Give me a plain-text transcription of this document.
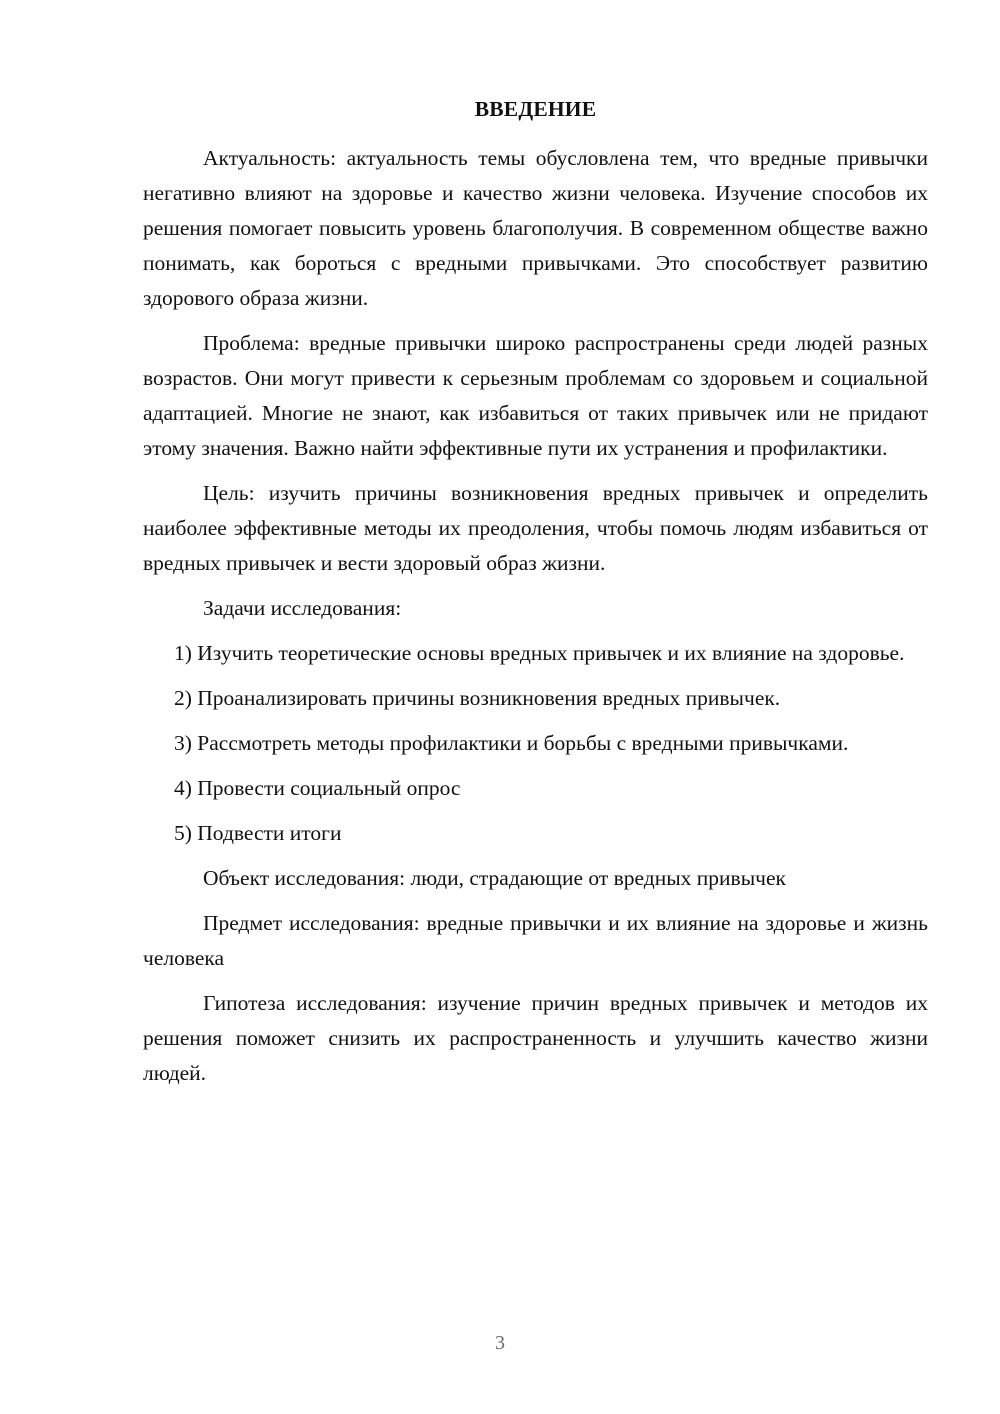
ВВЕДЕНИЕ
Актуальность: актуальность темы обусловлена тем, что вредные привычки негативно влияют на здоровье и качество жизни человека. Изучение способов их решения помогает повысить уровень благополучия. В современном обществе важно понимать, как бороться с вредными привычками. Это способствует развитию здорового образа жизни.
Проблема: вредные привычки широко распространены среди людей разных возрастов. Они могут привести к серьезным проблемам со здоровьем и социальной адаптацией. Многие не знают, как избавиться от таких привычек или не придают этому значения. Важно найти эффективные пути их устранения и профилактики.
Цель: изучить причины возникновения вредных привычек и определить наиболее эффективные методы их преодоления, чтобы помочь людям избавиться от вредных привычек и вести здоровый образ жизни.
Задачи исследования:
1) Изучить теоретические основы вредных привычек и их влияние на здоровье.
2) Проанализировать причины возникновения вредных привычек.
3) Рассмотреть методы профилактики и борьбы с вредными привычками.
4) Провести социальный опрос
5) Подвести итоги
Объект исследования: люди, страдающие от вредных привычек
Предмет исследования: вредные привычки и их влияние на здоровье и жизнь человека
Гипотеза исследования: изучение причин вредных привычек и методов их решения поможет снизить их распространенность и улучшить качество жизни людей.
3
